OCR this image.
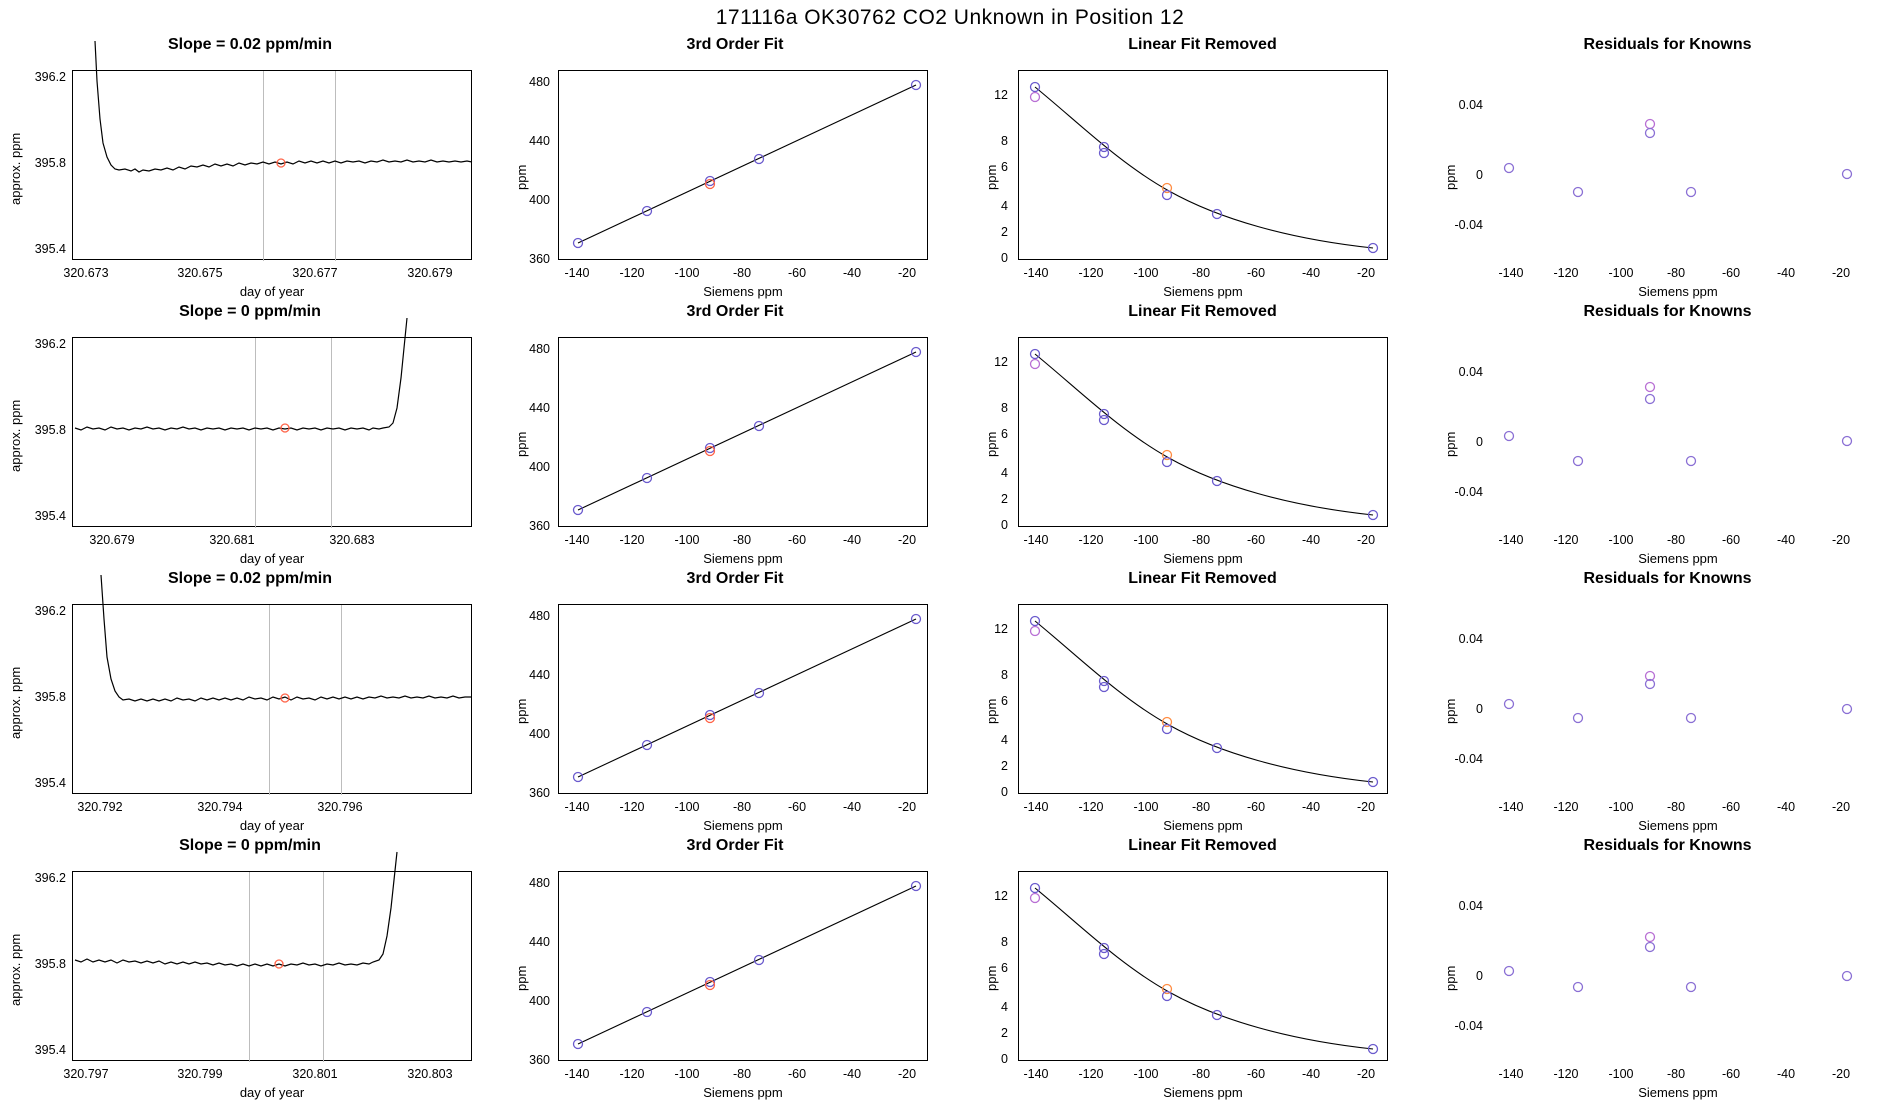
171116a OK30762 CO2 Unknown in Position 12
Slope = 0.02 ppm/min
approx. ppm
395.4
395.8
396.2
320.673	320.675	320.677	320.679
day of year
3rd Order Fit
ppm
360
400
440
480
-140 -120 -100	-80	-60	-40	-20
Siemens ppm
Linear Fit Removed
ppm
0
2
4
6
8
12
-140 -120 -100	-80	-60	-40	-20
Siemens ppm
Residuals for Knowns
ppm
-0.04
0
0.04
-140 -120 -100	-80	-60	-40	-20
Siemens ppm
Slope = 0 ppm/min
approx. ppm
395.4
395.8
396.2
320.679	320.681	320.683
day of year
3rd Order Fit
ppm
360
400
440
480
-140 -120 -100	-80	-60	-40	-20
Siemens ppm
Linear Fit Removed
ppm
0
2
4
6
8
12
-140 -120 -100	-80	-60	-40	-20
Siemens ppm
Residuals for Knowns
ppm
-0.04
0
0.04
-140 -120 -100	-80	-60	-40	-20
Siemens ppm
Slope = 0.02 ppm/min
approx. ppm
395.4
395.8
396.2
320.792	320.794	320.796
day of year
3rd Order Fit
ppm
360
400
440
480
-140 -120 -100	-80	-60	-40	-20
Siemens ppm
Linear Fit Removed
ppm
0
2
4
6
8
12
-140 -120 -100	-80	-60	-40	-20
Siemens ppm
Residuals for Knowns
ppm
-0.04
0
0.04
-140 -120 -100	-80	-60	-40	-20
Siemens ppm
Slope = 0 ppm/min
approx. ppm
395.4
395.8
396.2
320.797	320.799	320.801	320.803
day of year
3rd Order Fit
ppm
360
400
440
480
-140 -120 -100	-80	-60	-40	-20
Siemens ppm
Linear Fit Removed
ppm
0
2
4
6
8
12
-140 -120 -100	-80	-60	-40	-20
Siemens ppm
Residuals for Knowns
ppm
-0.04
0
0.04
-140 -120 -100	-80	-60	-40	-20
Siemens ppm
